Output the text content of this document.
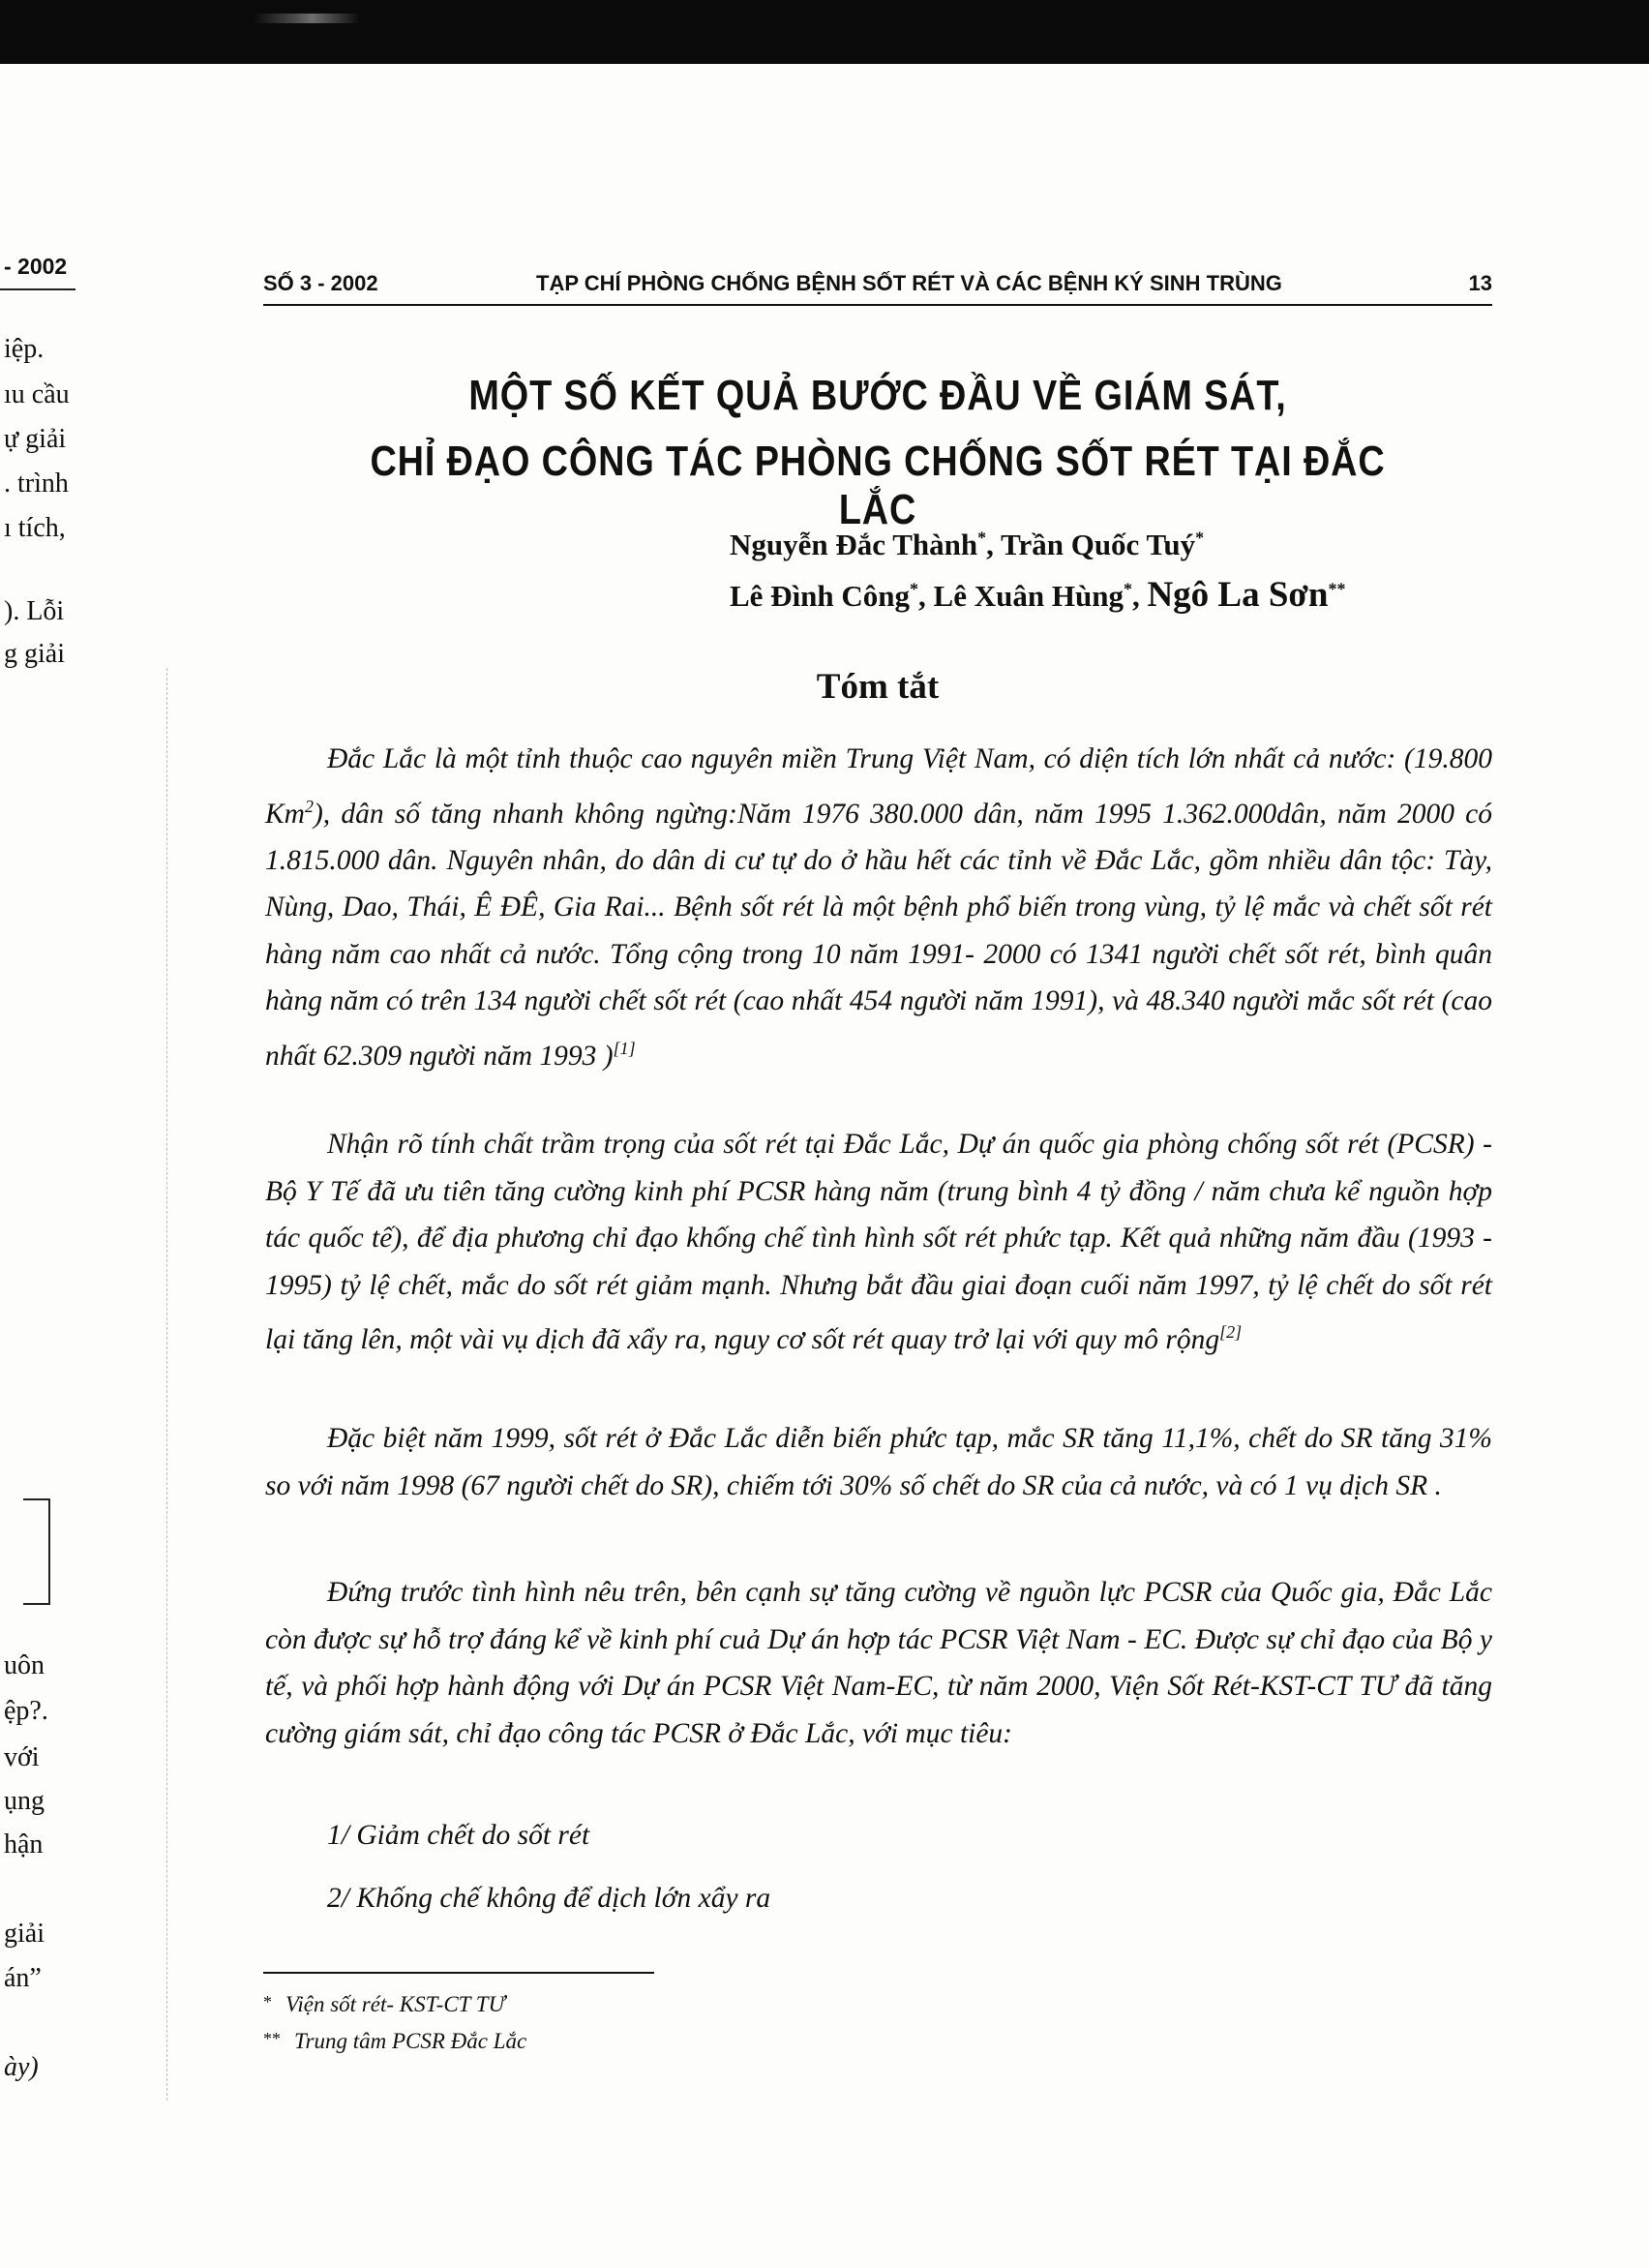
- 2002
iệp.
ıu cầu
ự giải
. trình
ı tích,
). Lỗi
g giải
uôn
ệp?.
với
ụng
hận
giải
án”
ày)
SỐ 3 - 2002	TẠP CHÍ PHÒNG CHỐNG BỆNH SỐT RÉT VÀ CÁC BỆNH KÝ SINH TRÙNG	13
MỘT SỐ KẾT QUẢ BƯỚC ĐẦU VỀ GIÁM SÁT,
CHỈ ĐẠO CÔNG TÁC PHÒNG CHỐNG SỐT RÉT TẠI ĐẮC LẮC
Nguyễn Đắc Thành*, Trần Quốc Tuý*
Lê Đình Công*, Lê Xuân Hùng*, Ngô La Sơn**
Tóm tắt

Đắc Lắc là một tỉnh thuộc cao nguyên miền Trung Việt Nam, có diện tích lớn nhất cả nước: (19.800 Km$^2$), dân số tăng nhanh không ngừng:Năm 1976 380.000 dân, năm 1995 1.362.000dân, năm 2000 có 1.815.000 dân. Nguyên nhân, do dân di cư tự do ở hầu hết các tỉnh về Đắc Lắc, gồm nhiều dân tộc: Tày, Nùng, Dao, Thái, Ê ĐÊ, Gia Rai... Bệnh sốt rét là một bệnh phổ biến trong vùng, tỷ lệ mắc và chết sốt rét hàng năm cao nhất cả nước. Tổng cộng trong 10 năm 1991- 2000 có 1341 người chết sốt rét, bình quân hàng năm có trên 134 người chết sốt rét (cao nhất 454 người năm 1991), và 48.340 người mắc sốt rét (cao nhất 62.309 người năm 1993 )[1]

Nhận rõ tính chất trầm trọng của sốt rét tại Đắc Lắc, Dự án quốc gia phòng chống sốt rét (PCSR) - Bộ Y Tế đã ưu tiên tăng cường kinh phí PCSR hàng năm (trung bình 4 tỷ đồng / năm chưa kể nguồn hợp tác quốc tế), để địa phương chỉ đạo khống chế tình hình sốt rét phức tạp. Kết quả những năm đầu (1993 - 1995) tỷ lệ chết, mắc do sốt rét giảm mạnh. Nhưng bắt đầu giai đoạn cuối năm 1997, tỷ lệ chết do sốt rét lại tăng lên, một vài vụ dịch đã xẩy ra, nguy cơ sốt rét quay trở lại với quy mô rộng[2]

Đặc biệt năm 1999, sốt rét ở Đắc Lắc diễn biến phức tạp, mắc SR tăng 11,1%, chết do SR tăng 31% so với năm 1998 (67 người chết do SR), chiếm tới 30% số chết do SR của cả nước, và có 1 vụ dịch SR .

Đứng trước tình hình nêu trên, bên cạnh sự tăng cường về nguồn lực PCSR của Quốc gia, Đắc Lắc còn được sự hỗ trợ đáng kể về kinh phí cuả Dự án hợp tác PCSR Việt Nam - EC. Được sự chỉ đạo của Bộ y tế, và phối hợp hành động với Dự án PCSR Việt Nam-EC, từ năm 2000, Viện Sốt Rét-KST-CT TƯ đã tăng cường giám sát, chỉ đạo công tác PCSR ở Đắc Lắc, với mục tiêu:

1/ Giảm chết do sốt rét
2/ Khống chế không để dịch lớn xẩy ra
* Viện sốt rét- KST-CT TƯ
** Trung tâm PCSR Đắc Lắc
